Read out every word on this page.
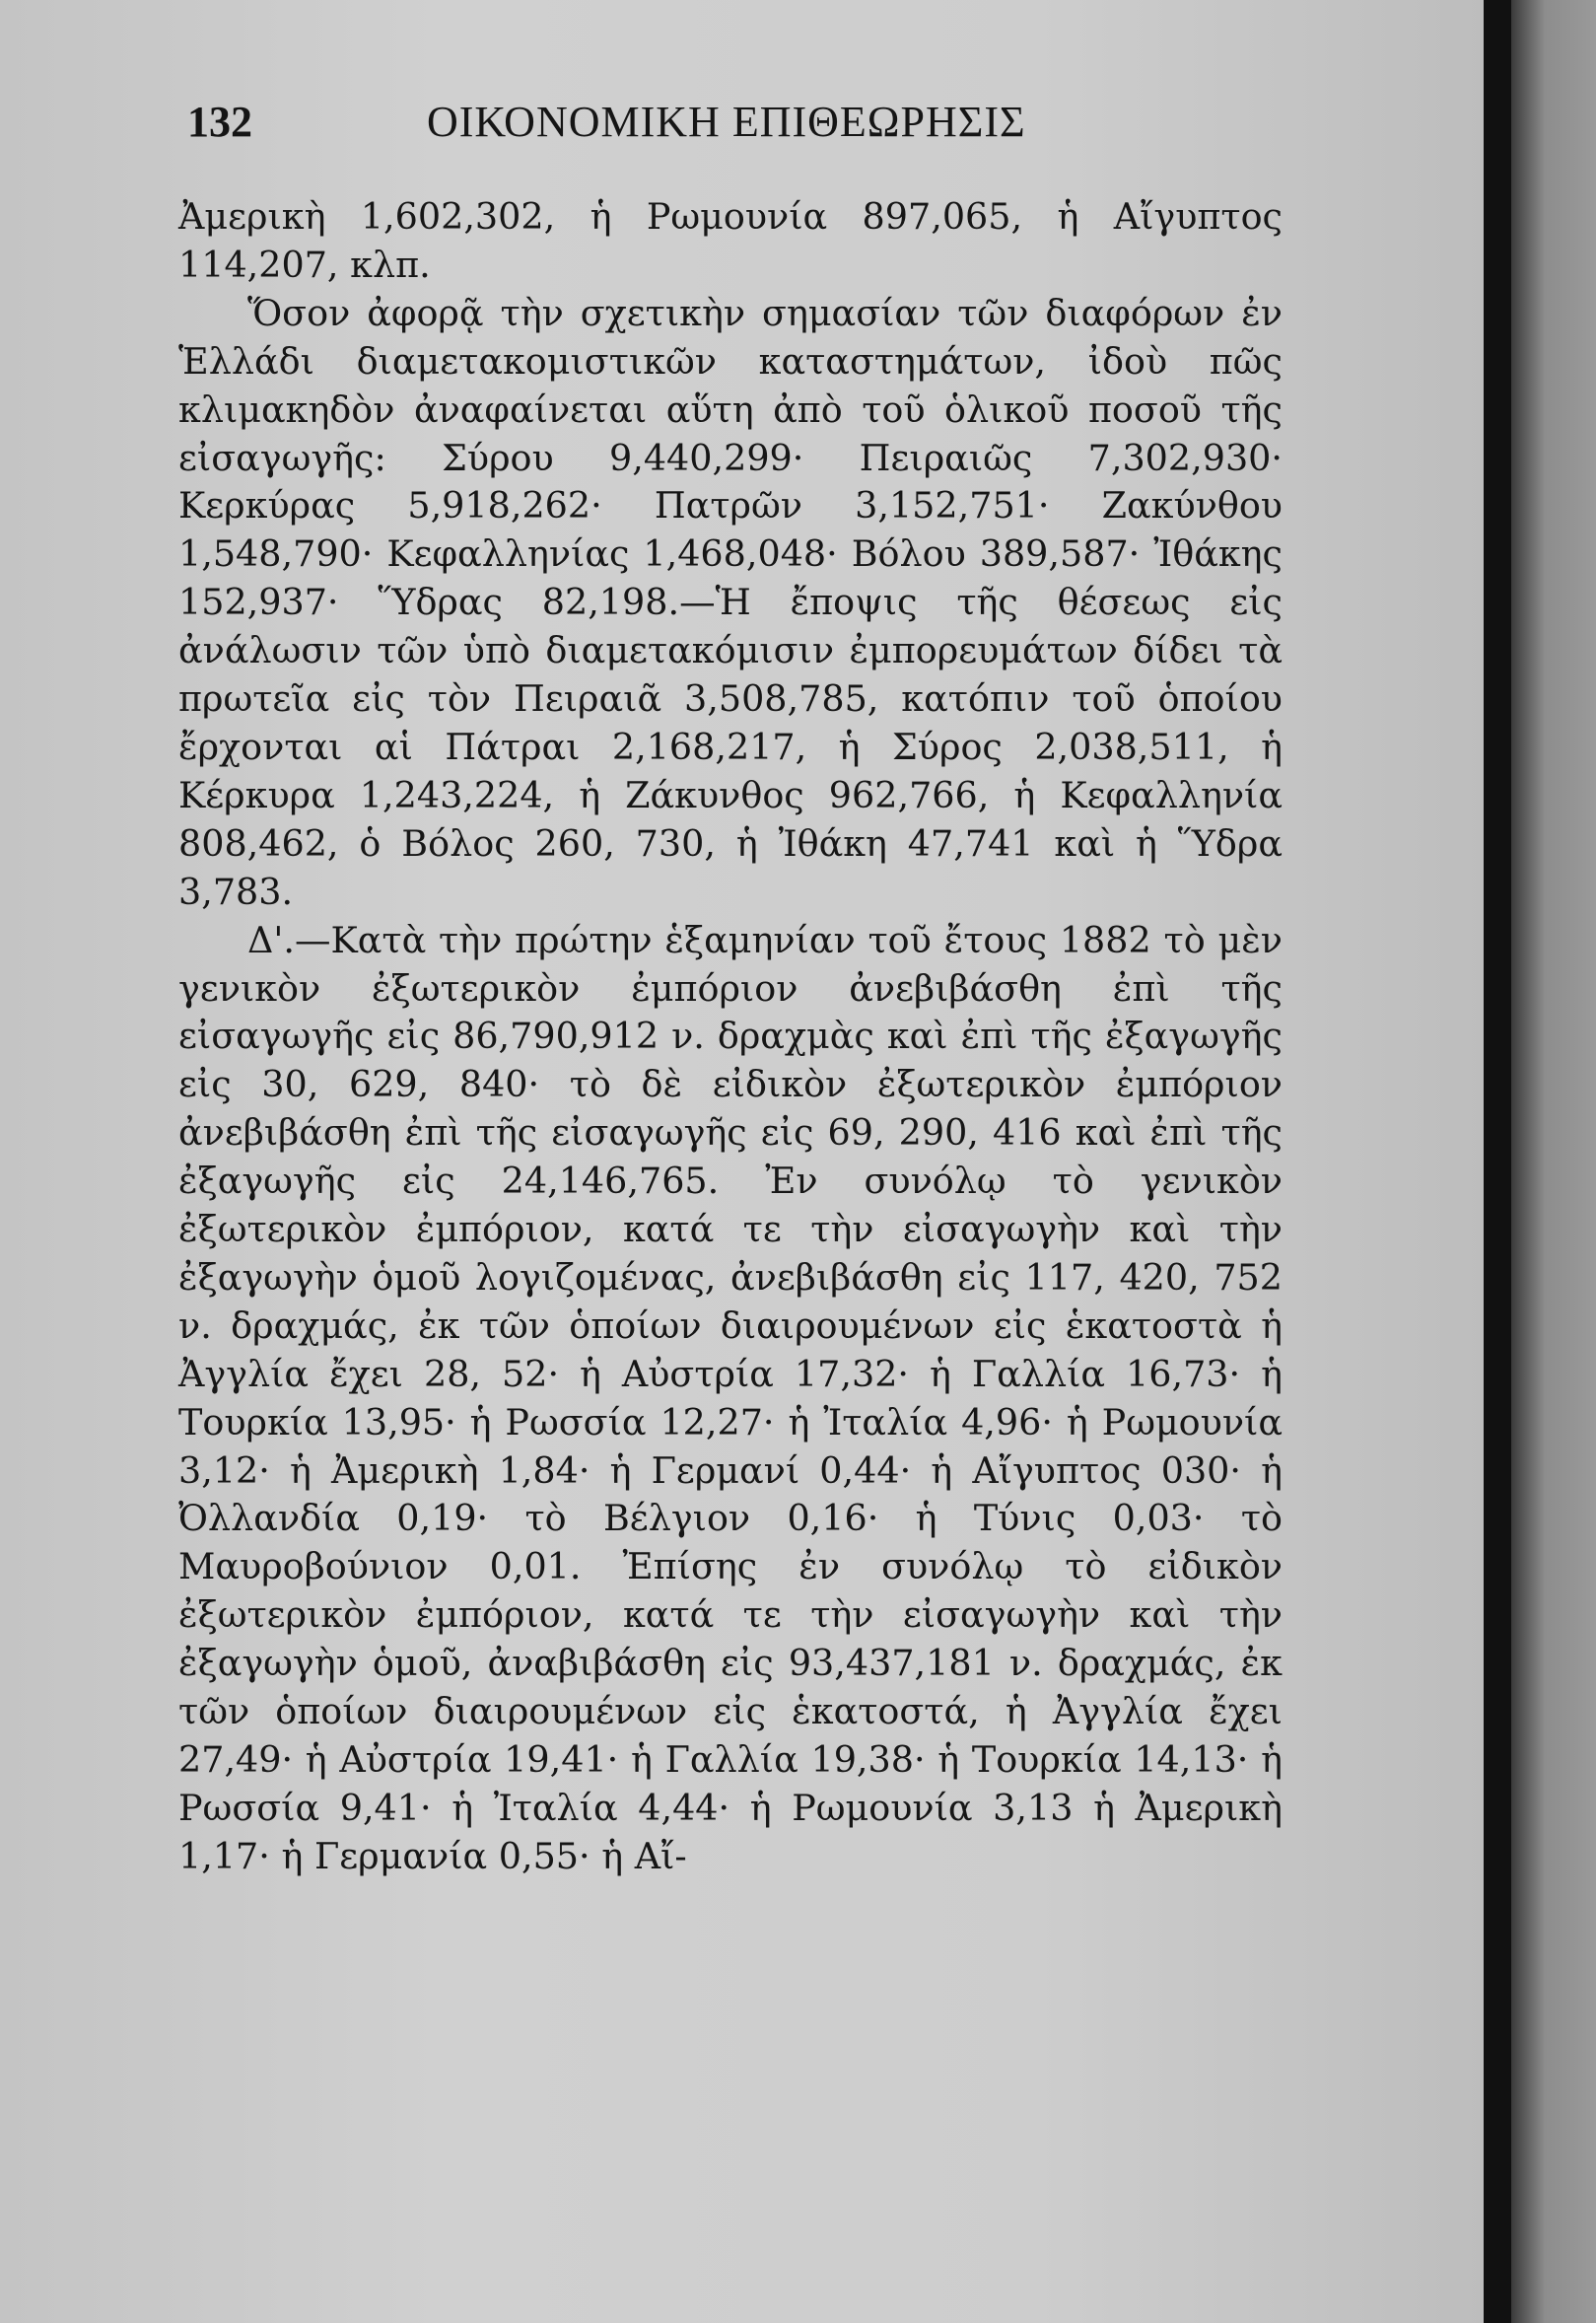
132	ΟΙΚΟΝΟΜΙΚΗ ΕΠΙΘΕΩΡΗΣΙΣ

Ἀμερικὴ 1,602,302, ἡ Ρωμουνία 897,065, ἡ Αἴγυπτος 114,207, κλπ.

Ὅσον ἀφορᾷ τὴν σχετικὴν σημασίαν τῶν διαφόρων ἐν Ἑλλάδι διαμετακομιστικῶν καταστημάτων, ἰδοὺ πῶς κλιμακηδὸν ἀναφαίνεται αὕτη ἀπὸ τοῦ ὁλικοῦ ποσοῦ τῆς εἰσαγωγῆς: Σύρου 9,440,299· Πειραιῶς 7,302,930· Κερκύρας 5,918,262· Πατρῶν 3,152,751· Ζακύνθου 1,548,790· Κεφαλληνίας 1,468,048· Βόλου 389,587· Ἰθάκης 152,937· Ὕδρας 82,198.—Ἡ ἔποψις τῆς θέσεως εἰς ἀνάλωσιν τῶν ὑπὸ διαμετακόμισιν ἐμπορευμάτων δίδει τὰ πρωτεῖα εἰς τὸν Πειραιᾶ 3,508,785, κατόπιν τοῦ ὁποίου ἔρχονται αἱ Πάτραι 2,168,217, ἡ Σύρος 2,038,511, ἡ Κέρκυρα 1,243,224, ἡ Ζάκυνθος 962,766, ἡ Κεφαλληνία 808,462, ὁ Βόλος 260, 730, ἡ Ἰθάκη 47,741 καὶ ἡ Ὕδρα 3,783.

Δ'.—Κατὰ τὴν πρώτην ἑξαμηνίαν τοῦ ἔτους 1882 τὸ μὲν γενικὸν ἐξωτερικὸν ἐμπόριον ἀνεβιβάσθη ἐπὶ τῆς εἰσαγωγῆς εἰς 86,790,912 ν. δραχμὰς καὶ ἐπὶ τῆς ἐξαγωγῆς εἰς 30, 629, 840· τὸ δὲ εἰδικὸν ἐξωτερικὸν ἐμπόριον ἀνεβιβάσθη ἐπὶ τῆς εἰσαγωγῆς εἰς 69, 290, 416 καὶ ἐπὶ τῆς ἐξαγωγῆς εἰς 24,146,765. Ἐν συνόλῳ τὸ γενικὸν ἐξωτερικὸν ἐμπόριον, κατά τε τὴν εἰσαγωγὴν καὶ τὴν ἐξαγωγὴν ὁμοῦ λογιζομένας, ἀνεβιβάσθη εἰς 117, 420, 752 ν. δραχμάς, ἐκ τῶν ὁποίων διαιρουμένων εἰς ἑκατοστὰ ἡ Ἀγγλία ἔχει 28, 52· ἡ Αὐστρία 17,32· ἡ Γαλλία 16,73· ἡ Τουρκία 13,95· ἡ Ρωσσία 12,27· ἡ Ἰταλία 4,96· ἡ Ρωμουνία 3,12· ἡ Ἀμερικὴ 1,84· ἡ Γερμανί 0,44· ἡ Αἴγυπτος 030· ἡ Ὀλλανδία 0,19· τὸ Βέλγιον 0,16· ἡ Τύνις 0,03· τὸ Μαυροβούνιον 0,01. Ἐπίσης ἐν συνόλῳ τὸ εἰδικὸν ἐξωτερικὸν ἐμπόριον, κατά τε τὴν εἰσαγωγὴν καὶ τὴν ἐξαγωγὴν ὁμοῦ, ἀναβιβάσθη εἰς 93,437,181 ν. δραχμάς, ἐκ τῶν ὁποίων διαιρουμένων εἰς ἑκατοστά, ἡ Ἀγγλία ἔχει 27,49· ἡ Αὐστρία 19,41· ἡ Γαλλία 19,38· ἡ Τουρκία 14,13· ἡ Ρωσσία 9,41· ἡ Ἰταλία 4,44· ἡ Ρωμουνία 3,13 ἡ Ἀμερικὴ 1,17· ἡ Γερμανία 0,55· ἡ Αἴ-
